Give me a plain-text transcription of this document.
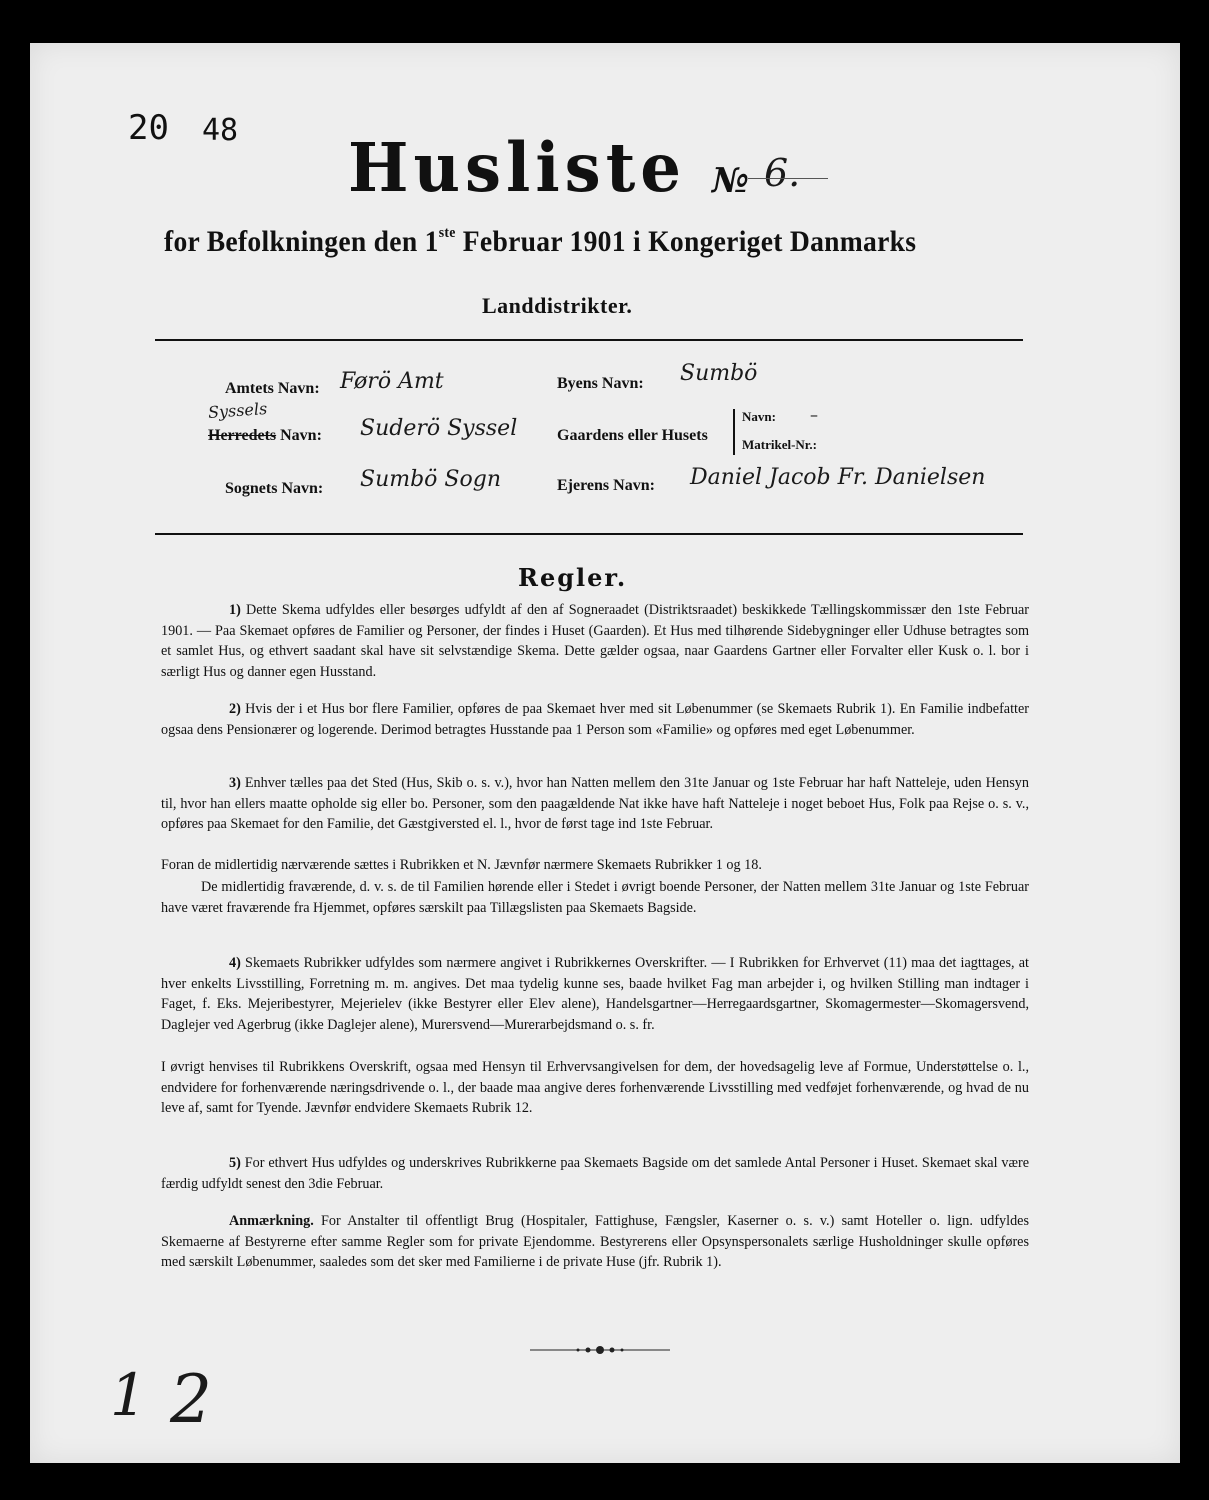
20 48 Husliste № 6.
for Befolkningen den 1ste Februar 1901 i Kongeriget Danmarks
Landdistrikter.
Amtets Navn: Førö Amt
Syssels
Herredets Navn: Suderö Syssel
Sognets Navn: Sumbö Sogn
Byens Navn: Sumbö
Gaardens eller Husets
Navn: –
Matrikel-Nr.:
Ejerens Navn: Daniel Jacob Fr. Danielsen
Regler.
1) Dette Skema udfyldes eller besørges udfyldt af den af Sogneraadet (Distriktsraadet) beskikkede Tællingskommissær den 1ste Februar 1901. — Paa Skemaet opføres de Familier og Personer, der findes i Huset (Gaarden). Et Hus med tilhørende Sidebygninger eller Udhuse betragtes som et samlet Hus, og ethvert saadant skal have sit selvstændige Skema. Dette gælder ogsaa, naar Gaardens Gartner eller Forvalter eller Kusk o. l. bor i særligt Hus og danner egen Husstand.
2) Hvis der i et Hus bor flere Familier, opføres de paa Skemaet hver med sit Løbenummer (se Skemaets Rubrik 1). En Familie indbefatter ogsaa dens Pensionærer og logerende. Derimod betragtes Husstande paa 1 Person som «Familie» og opføres med eget Løbenummer.
3) Enhver tælles paa det Sted (Hus, Skib o. s. v.), hvor han Natten mellem den 31te Januar og 1ste Februar har haft Natteleje, uden Hensyn til, hvor han ellers maatte opholde sig eller bo. Personer, som den paagældende Nat ikke have haft Natteleje i noget beboet Hus, Folk paa Rejse o. s. v., opføres paa Skemaet for den Familie, det Gæstgiversted el. l., hvor de først tage ind 1ste Februar.
Foran de midlertidig nærværende sættes i Rubrikken et N. Jævnfør nærmere Skemaets Rubrikker 1 og 18.
De midlertidig fraværende, d. v. s. de til Familien hørende eller i Stedet i øvrigt boende Personer, der Natten mellem 31te Januar og 1ste Februar have været fraværende fra Hjemmet, opføres særskilt paa Tillægslisten paa Skemaets Bagside.
4) Skemaets Rubrikker udfyldes som nærmere angivet i Rubrikkernes Overskrifter. — I Rubrikken for Erhvervet (11) maa det iagttages, at hver enkelts Livsstilling, Forretning m. m. angives. Det maa tydelig kunne ses, baade hvilket Fag man arbejder i, og hvilken Stilling man indtager i Faget, f. Eks. Mejeribestyrer, Mejerielev (ikke Bestyrer eller Elev alene), Handelsgartner—Herregaardsgartner, Skomagermester—Skomagersvend, Daglejer ved Agerbrug (ikke Daglejer alene), Murersvend—Murerarbejdsmand o. s. fr.
I øvrigt henvises til Rubrikkens Overskrift, ogsaa med Hensyn til Erhvervsangivelsen for dem, der hovedsagelig leve af Formue, Understøttelse o. l., endvidere for forhenværende næringsdrivende o. l., der baade maa angive deres forhenværende Livsstilling med vedføjet forhenværende, og hvad de nu leve af, samt for Tyende. Jævnfør endvidere Skemaets Rubrik 12.
5) For ethvert Hus udfyldes og underskrives Rubrikkerne paa Skemaets Bagside om det samlede Antal Personer i Huset. Skemaet skal være færdig udfyldt senest den 3die Februar.
Anmærkning. For Anstalter til offentligt Brug (Hospitaler, Fattighuse, Fængsler, Kaserner o. s. v.) samt Hoteller o. lign. udfyldes Skemaerne af Bestyrerne efter samme Regler som for private Ejendomme. Bestyrerens eller Opsynspersonalets særlige Husholdninger skulle opføres med særskilt Løbenummer, saaledes som det sker med Familierne i de private Huse (jfr. Rubrik 1).
1 2
